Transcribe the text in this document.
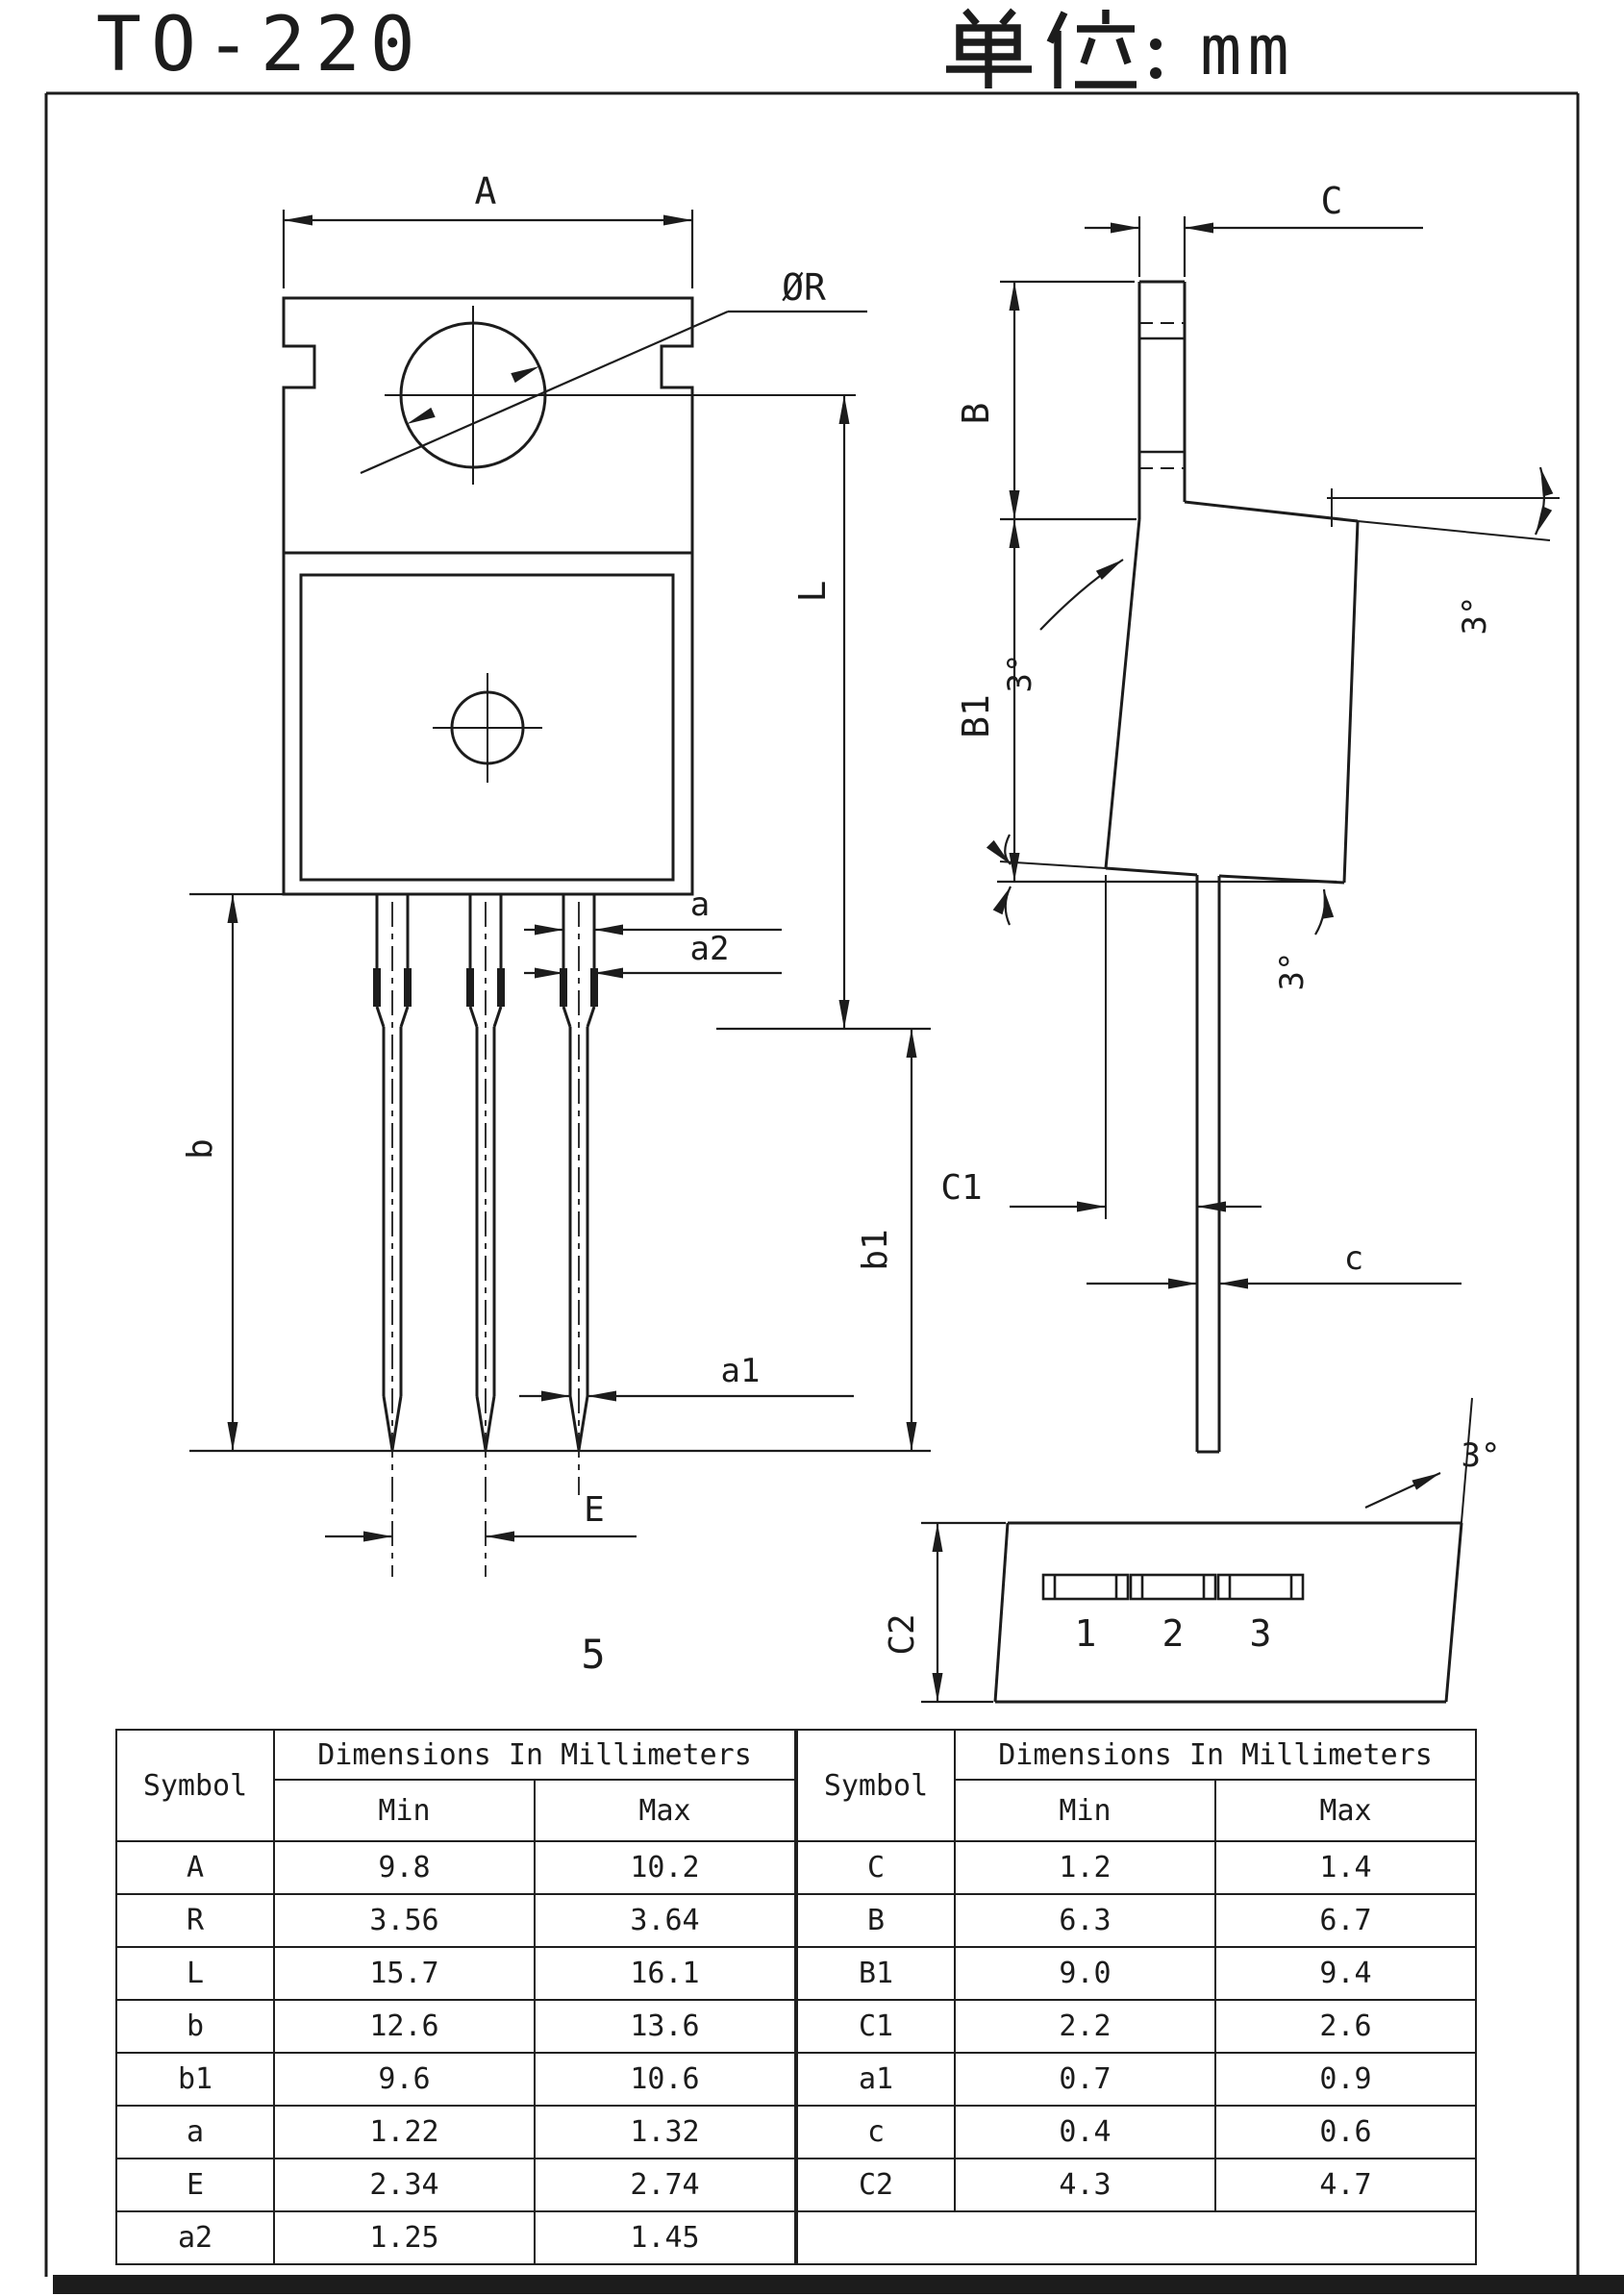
TO-220	mm
A
ØR
a
a2
L
b1
b
a1
E
5
C
B
B1
3°
3°
3°
C1
c
1 2 3
C2
3°
Symbol	Dimensions In Millimeters	
	Min	Max
A	9.8	10.2
R	3.56	3.64
L	15.7	16.1
b	12.6	13.6
b1	9.6	10.6
a	1.22	1.32
E	2.34	2.74
a2	1.25	1.45
Symbol	Dimensions In Millimeters	
	Min	Max
C	1.2	1.4
B	6.3	6.7
B1	9.0	9.4
C1	2.2	2.6
a1	0.7	0.9
c	0.4	0.6
C2	4.3	4.7
